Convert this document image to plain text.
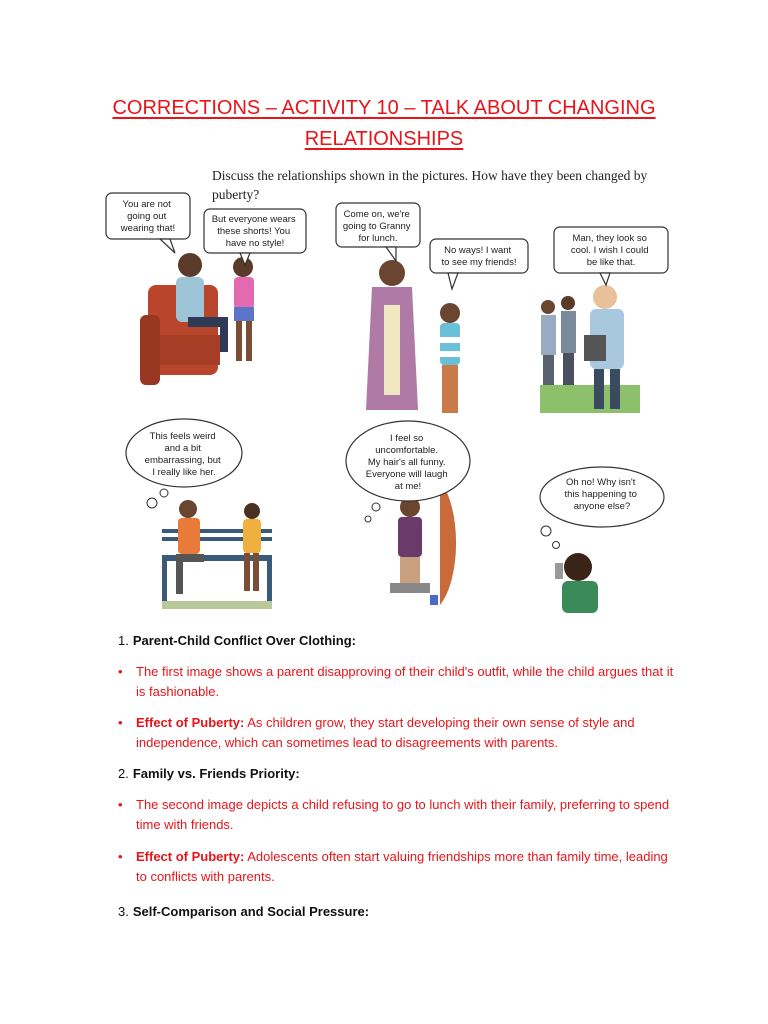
CORRECTIONS – ACTIVITY 10 – TALK ABOUT CHANGING
RELATIONSHIPS
Discuss the relationships shown in the pictures. How have they been changed by puberty?
You are not going out wearing that!
But everyone wears these shorts! You have no style!
Come on, we're going to Granny for lunch.
No ways! I want to see my friends!
Man, they look so cool. I wish I could be like that.
This feels weird and a bit embarrassing, but I really like her.
I feel so uncomfortable. My hair's all funny. Everyone will laugh at me!	Oh no! Why isn't this happening to anyone else?
1. Parent-Child Conflict Over Clothing:
• The first image shows a parent disapproving of their child's outfit, while the child argues that it is fashionable.
• Effect of Puberty: As children grow, they start developing their own sense of style and independence, which can sometimes lead to disagreements with parents.
2. Family vs. Friends Priority:
• The second image depicts a child refusing to go to lunch with their family, preferring to spend time with friends.
• Effect of Puberty: Adolescents often start valuing friendships more than family time, leading to conflicts with parents.
3. Self-Comparison and Social Pressure:
